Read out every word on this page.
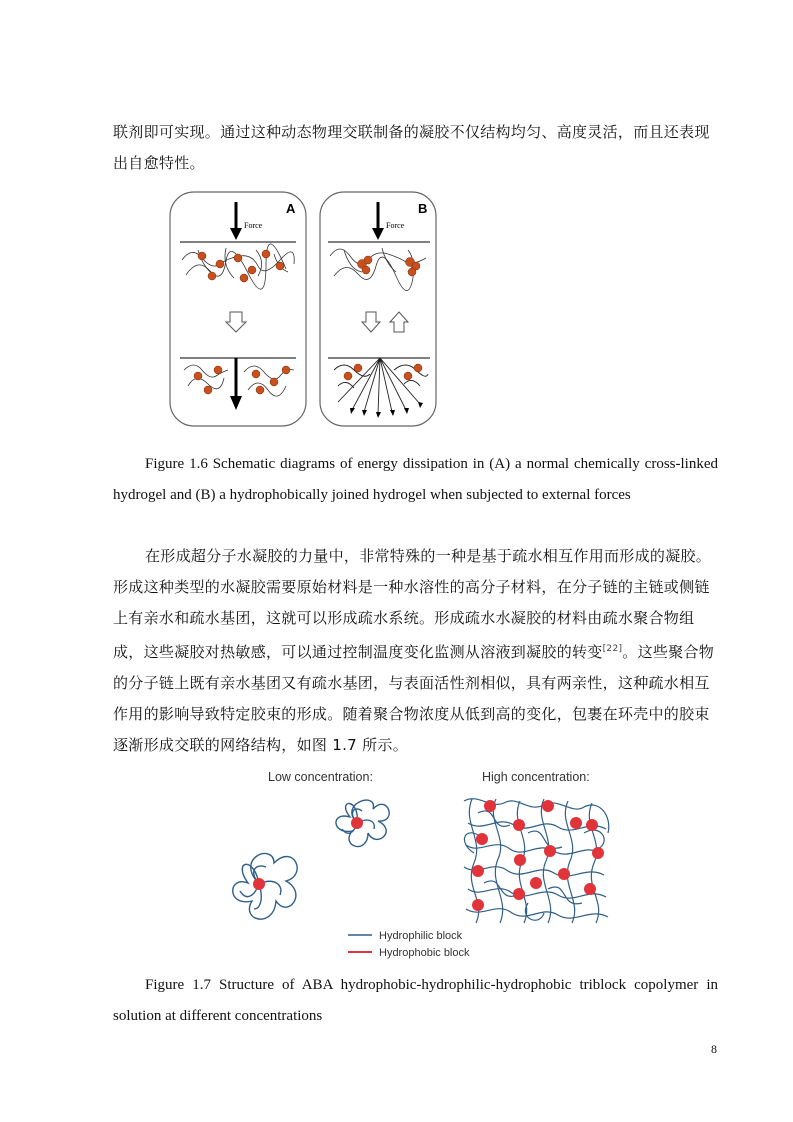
联剂即可实现。通过这种动态物理交联制备的凝胶不仅结构均匀、高度灵活，而且还表现出自愈特性。
A
Force
B
Force
Figure 1.6 Schematic diagrams of energy dissipation in (A) a normal chemically cross-linked hydrogel and (B) a hydrophobically joined hydrogel when subjected to external forces
在形成超分子水凝胶的力量中，非常特殊的一种是基于疏水相互作用而形成的凝胶。形成这种类型的水凝胶需要原始材料是一种水溶性的高分子材料，在分子链的主链或侧链上有亲水和疏水基团，这就可以形成疏水系统。形成疏水水凝胶的材料由疏水聚合物组成，这些凝胶对热敏感，可以通过控制温度变化监测从溶液到凝胶的转变[22]。这些聚合物的分子链上既有亲水基团又有疏水基团，与表面活性剂相似，具有两亲性，这种疏水相互作用的影响导致特定胶束的形成。随着聚合物浓度从低到高的变化，包裹在环壳中的胶束逐渐形成交联的网络结构，如图 1.7 所示。
Low concentration:	High concentration:
Hydrophilic block
Hydrophobic block
Figure 1.7 Structure of ABA hydrophobic-hydrophilic-hydrophobic triblock copolymer in solution at different concentrations
8
